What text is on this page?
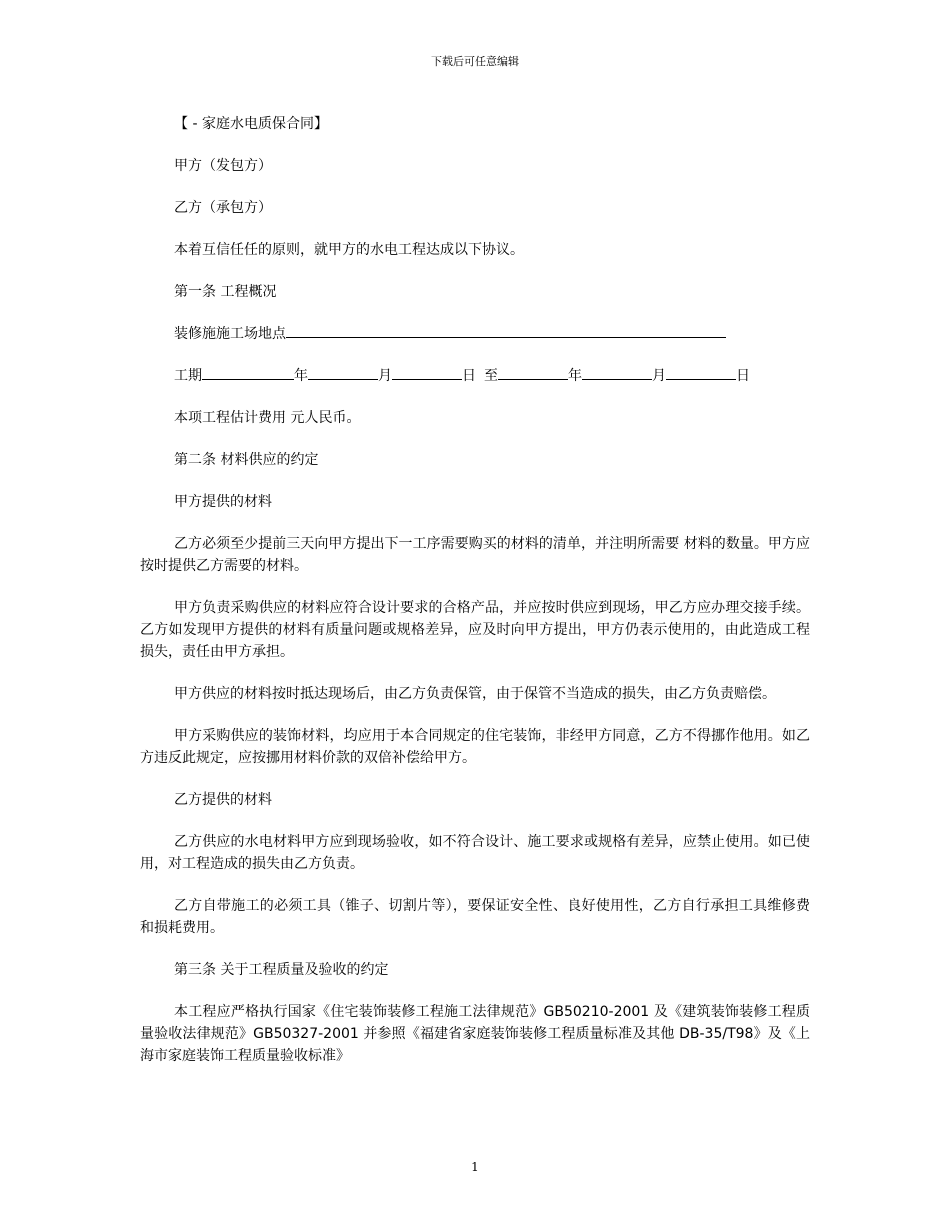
下载后可任意编辑
【 - 家庭水电质保合同】
甲方（发包方）
乙方（承包方）
本着互信任任的原则，就甲方的水电工程达成以下协议。
第一条 工程概况
装修施施工场地点
工期	年	月	日 至	年	月	日
本项工程估计费用 元人民币。
第二条 材料供应的约定
甲方提供的材料
乙方必须至少提前三天向甲方提出下一工序需要购买的材料的清单，并注明所需要 材料的数量。甲方应按时提供乙方需要的材料。
甲方负责采购供应的材料应符合设计要求的合格产品，并应按时供应到现场，甲乙方应办理交接手续。乙方如发现甲方提供的材料有质量问题或规格差异，应及时向甲方提出，甲方仍表示使用的，由此造成工程损失，责任由甲方承担。
甲方供应的材料按时抵达现场后，由乙方负责保管，由于保管不当造成的损失，由乙方负责赔偿。
甲方采购供应的装饰材料，均应用于本合同规定的住宅装饰，非经甲方同意，乙方不得挪作他用。如乙方违反此规定，应按挪用材料价款的双倍补偿给甲方。
乙方提供的材料
乙方供应的水电材料甲方应到现场验收，如不符合设计、施工要求或规格有差异，应禁止使用。如已使用，对工程造成的损失由乙方负责。
乙方自带施工的必须工具（锥子、切割片等），要保证安全性、良好使用性，乙方自行承担工具维修费和损耗费用。
第三条 关于工程质量及验收的约定
本工程应严格执行国家《住宅装饰装修工程施工法律规范》GB50210-2001 及《建筑装饰装修工程质量验收法律规范》GB50327-2001 并参照《福建省家庭装饰装修工程质量标准及其他 DB-35/T98》及《上海市家庭装饰工程质量验收标准》
1
